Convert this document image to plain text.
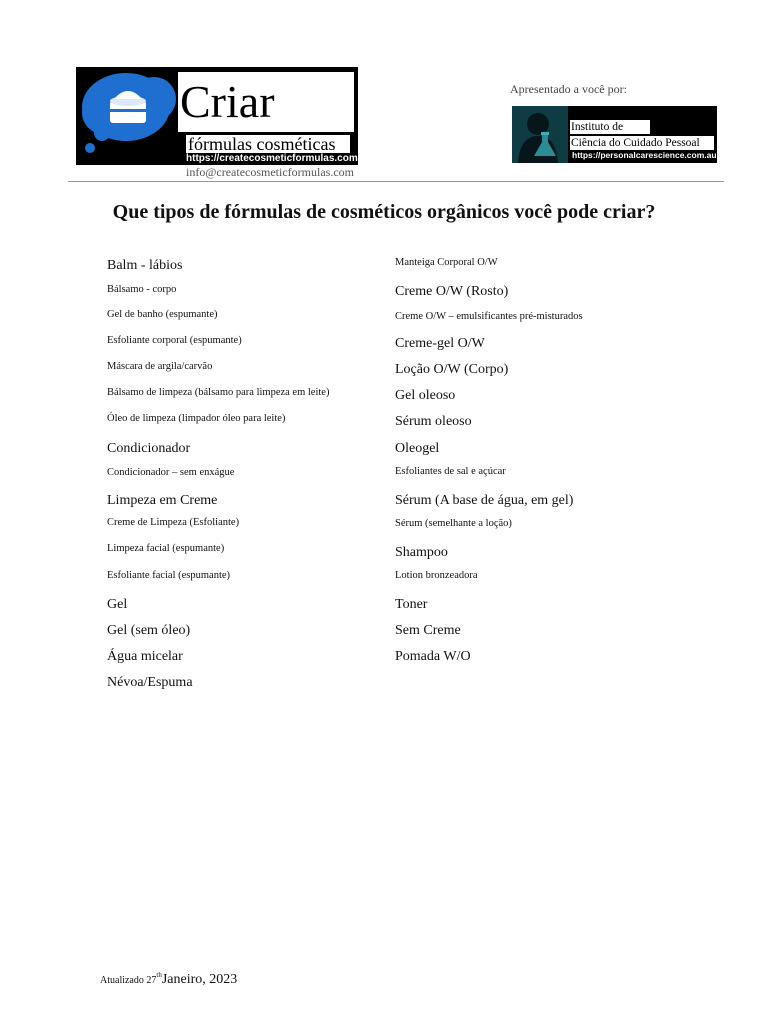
Criar
fórmulas cosméticas
https://createcosmeticformulas.com
info@createcosmeticformulas.com
Apresentado a você por:
Instituto de
Ciência do Cuidado Pessoal
https://personalcarescience.com.au
Que tipos de fórmulas de cosméticos orgânicos você pode criar?
Balm - lábios
Bálsamo - corpo
Gel de banho (espumante)
Esfoliante corporal (espumante)
Máscara de argila/carvão
Bálsamo de limpeza (bálsamo para limpeza em leite)
Óleo de limpeza (limpador óleo para leite)
Condicionador
Condicionador – sem enxágue
Limpeza em Creme
Creme de Limpeza (Esfoliante)
Limpeza facial (espumante)
Esfoliante facial (espumante)
Gel
Gel (sem óleo)
Água micelar
Névoa/Espuma
Manteiga Corporal O/W
Creme O/W (Rosto)
Creme O/W – emulsificantes pré-misturados
Creme-gel O/W
Loção O/W (Corpo)
Gel oleoso
Sérum oleoso
Oleogel
Esfoliantes de sal e açúcar
Sérum (A base de água, em gel)
Sérum (semelhante a loção)
Shampoo
Lotion bronzeadora
Toner
Sem Creme
Pomada W/O
Atualizado 27thJaneiro, 2023
